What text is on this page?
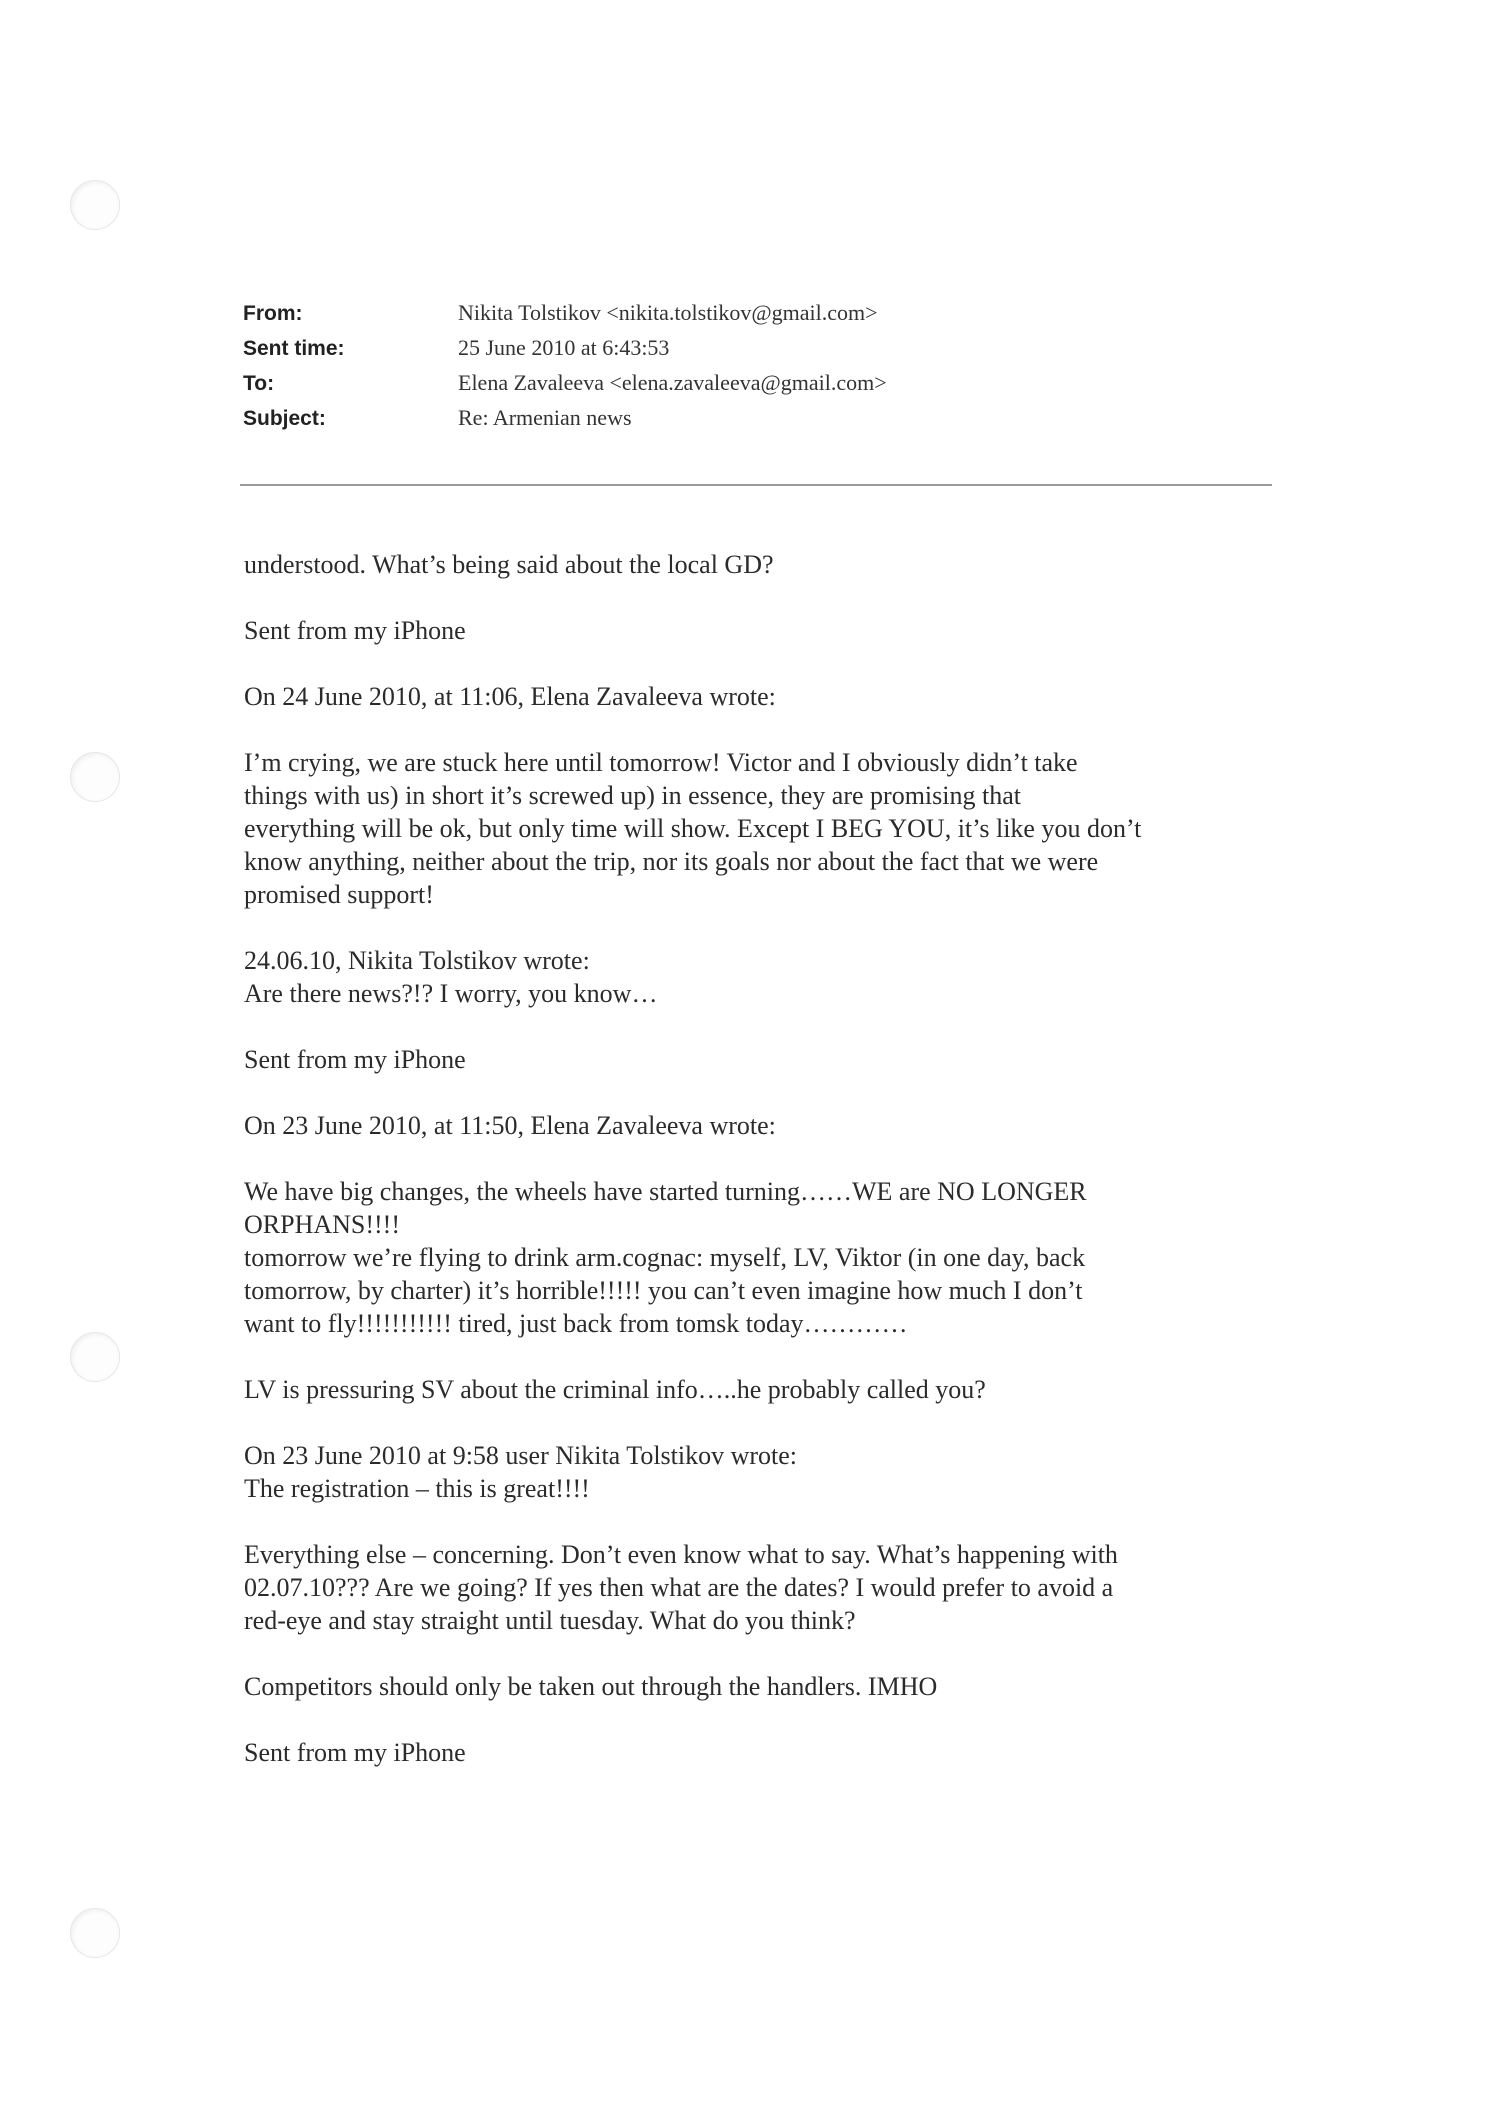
From:	Nikita Tolstikov <nikita.tolstikov@gmail.com>
Sent time:	25 June 2010 at 6:43:53
To:	Elena Zavaleeva <elena.zavaleeva@gmail.com>
Subject:	Re: Armenian news

understood. What’s being said about the local GD?

Sent from my iPhone

On 24 June 2010, at 11:06, Elena Zavaleeva wrote:

I’m crying, we are stuck here until tomorrow! Victor and I obviously didn’t take
things with us) in short it’s screwed up) in essence, they are promising that
everything will be ok, but only time will show. Except I BEG YOU, it’s like you don’t
know anything, neither about the trip, nor its goals nor about the fact that we were
promised support!

24.06.10, Nikita Tolstikov wrote:
Are there news?!? I worry, you know…

Sent from my iPhone

On 23 June 2010, at 11:50, Elena Zavaleeva wrote:

We have big changes, the wheels have started turning……WE are NO LONGER
ORPHANS!!!!
tomorrow we’re flying to drink arm.cognac: myself, LV, Viktor (in one day, back
tomorrow, by charter) it’s horrible!!!!! you can’t even imagine how much I don’t
want to fly!!!!!!!!!!! tired, just back from tomsk today…………

LV is pressuring SV about the criminal info…..he probably called you?

On 23 June 2010 at 9:58 user Nikita Tolstikov wrote:
The registration – this is great!!!!

Everything else – concerning. Don’t even know what to say. What’s happening with
02.07.10??? Are we going? If yes then what are the dates? I would prefer to avoid a
red-eye and stay straight until tuesday. What do you think?

Competitors should only be taken out through the handlers. IMHO

Sent from my iPhone
